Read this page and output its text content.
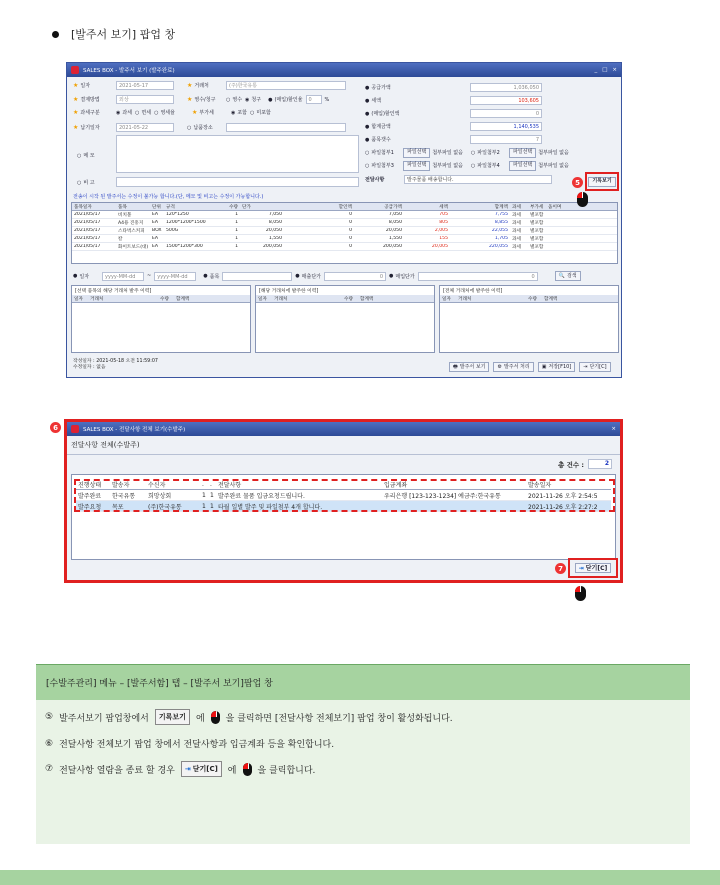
[발주서 보기] 팝업 창
SALES BOX - 발주서 보기 (발주완료)	_ □ ×
★ 일자	2021-05-17	★ 거래처	(주)한국유통
★ 결제방법	외상	★ 영수/청구 ○ 영수 ◉ 청구 ● (매입)할인율	0	%
★ 과세구분	◉ 과세 ○ 면세 ○ 영세율	★ 부가세	◉ 포함 ○ 미포함
★ 납기일자	2021-05-22	○ 납품장소
○ 메 모
○ 비 고
● 공급가액	1,036,050
● 세액	103,605
● (매입)할인액	0
● 합계금액	1,140,535
● 품목갯수	7
○ 파일첨부1	파일선택	첨부파일 없음 ○ 파일첨부2	파일선택	첨부파일 없음
○ 파일첨부3	파일선택	첨부파일 없음 ○ 파일첨부4	파일선택	첨부파일 없음
전달사항	발주물품 배송합니다.	5	기록보기
전송이 시작 된 발주서는 수정이 불가능 합니다.(단, 메모 및 비고는 수정이 가능합니다.)
품목일자	품목	단위	규격	수량 단가	할인액	공급가액	세액	합계액 과세	부가세	옵이며
2021/05/17	비치볼	EA	120*1250	1	7,050	0	7,050	705	7,755 과세	별포함
2021/05/17	A4용 진흥지	EA	1200*1200*1500	1	8,050	0	8,050	805	8,855 과세	별포함
2021/05/17	스타벅스커피	BOX 500G	1	20,050	0	20,050	2,005	22,055 과세	별포함
2021/05/17	칼	EA	1	1,550	0	1,550	155	1,705 과세	별포함
2021/05/17	화이트보드(대) EA	1500*1200*300	1	200,050	0	200,050	20,005	220,055 과세	별포함
● 일자	yyyy-MM-dd	~	yyyy-MM-dd	● 품목	● 매출단가	0	● 매입단가	0	🔍 검색
[선택 품목의 해당 거래처 발주 이력]
일자	거래처	수량	합계액
[해당 거래처에 발주한 이력]
일자	거래처	수량	합계액
[전체 거래처에 발주한 이력]
일자	거래처	수량	합계액
작성일자 : 2021-05-18 오전 11:59:07
수정일자 : 없음	🖶 발주서 보기 ⚙ 발주서 처리 ▣ 저장[F10] ⇥ 닫기[C]
6	SALES BOX - 전달사항 전체 보기(수발주)	×
전달사항 전체(수발주)
총 건수 :	2
진행상태	발송자	수신자	.	.	전달사항	입금계좌	발송일자
발주완료	한국유통	희망상회	1 1 발주완료 물품 입금요청드립니다.	우리은행 [123-123-1234] 예금주:한국유통	2021-11-26 오후 2:54:5
발주요청	목포	(주)한국유통	1 1 타월 일별 발주 및 파일첨부 4개 합니다.	2021-11-26 오후 2:27:2
7	⇥ 닫기[C]
[수발주관리] 메뉴 – [발주서함] 탭 – [발주서 보기]팝업 창
⑤ 발주서보기 팝업창에서	기록보기	에 을 클릭하면 [전달사항 전체보기] 팝업 창이 활성화됩니다.
⑥ 전달사항 전체보기 팝업 창에서 전달사항과 입금계좌 등을 확인합니다.
⑦ 전달사항 열람을 종료 할 경우 ⇥ 닫기[C] 에 을 클릭합니다.
